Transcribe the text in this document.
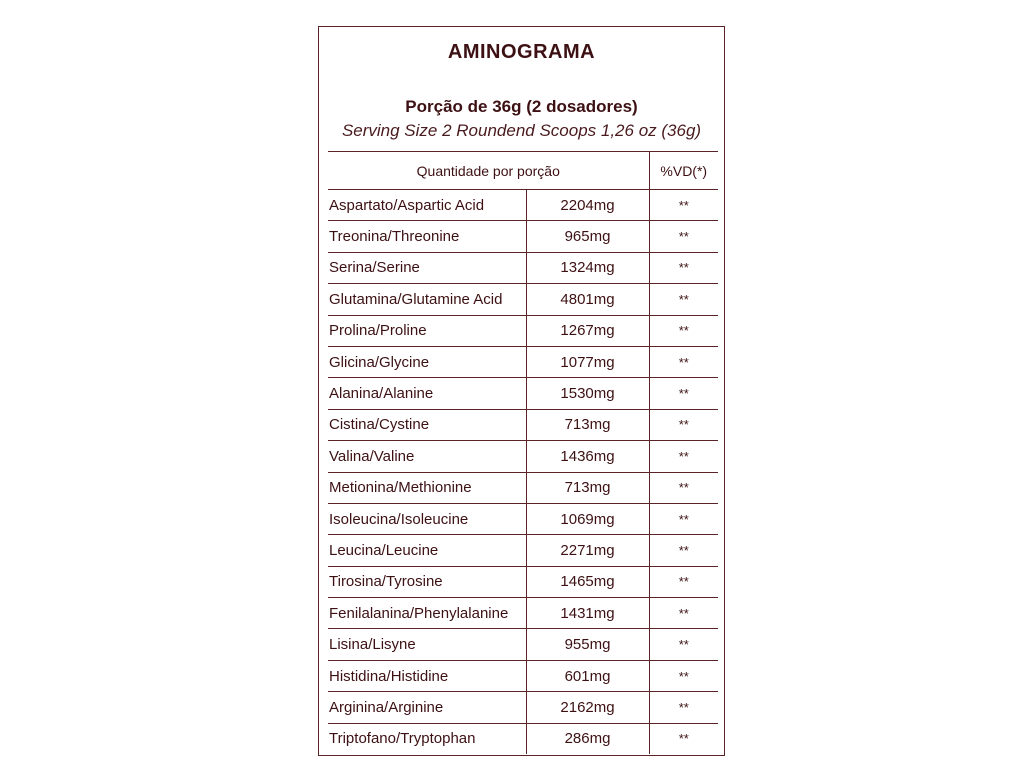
AMINOGRAMA
Porção de 36g (2 dosadores)
Serving Size 2 Roundend Scoops 1,26 oz (36g)
Quantidade por porção		%VD(*)
Aspartato/Aspartic Acid	2204mg	**
Treonina/Threonine	965mg	**
Serina/Serine	1324mg	**
Glutamina/Glutamine Acid	4801mg	**
Prolina/Proline	1267mg	**
Glicina/Glycine	1077mg	**
Alanina/Alanine	1530mg	**
Cistina/Cystine	713mg	**
Valina/Valine	1436mg	**
Metionina/Methionine	713mg	**
Isoleucina/Isoleucine	1069mg	**
Leucina/Leucine	2271mg	**
Tirosina/Tyrosine	1465mg	**
Fenilalanina/Phenylalanine	1431mg	**
Lisina/Lisyne	955mg	**
Histidina/Histidine	601mg	**
Arginina/Arginine	2162mg	**
Triptofano/Tryptophan	286mg	**
